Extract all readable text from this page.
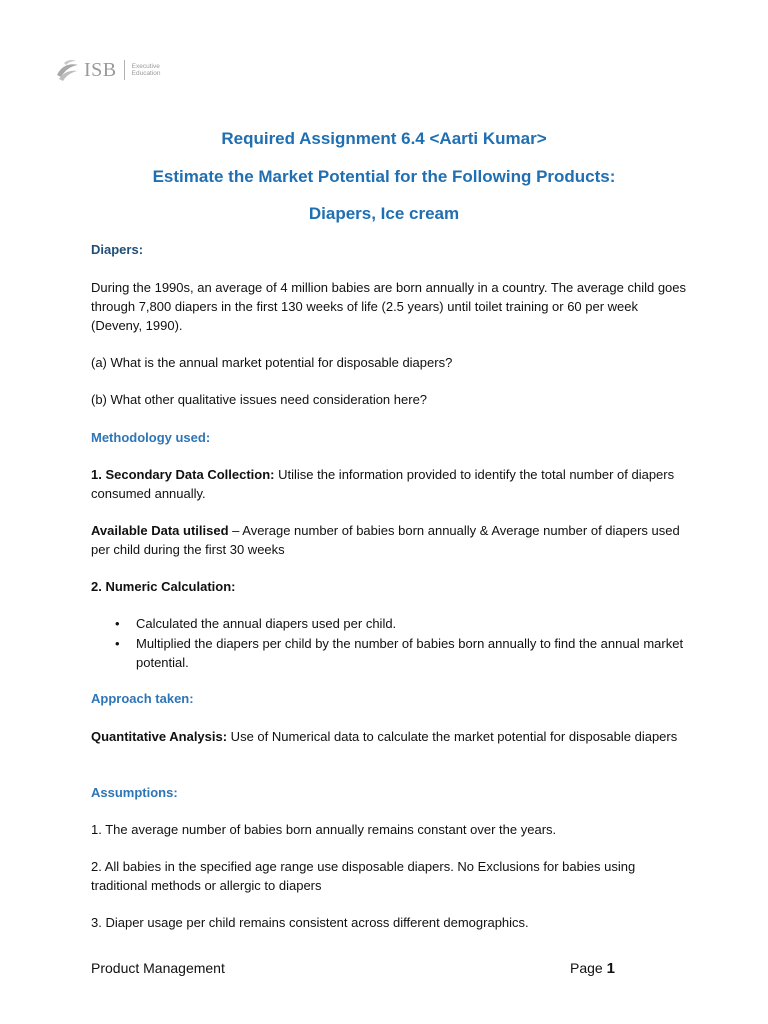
ISB Executive
Education
Required Assignment 6.4 <Aarti Kumar>
Estimate the Market Potential for the Following Products:
Diapers, Ice cream
Diapers:
During the 1990s, an average of 4 million babies are born annually in a country. The average child goes through 7,800 diapers in the first 130 weeks of life (2.5 years) until toilet training or 60 per week (Deveny, 1990).
(a) What is the annual market potential for disposable diapers?
(b) What other qualitative issues need consideration here?
Methodology used:
1. Secondary Data Collection: Utilise the information provided to identify the total number of diapers consumed annually.
Available Data utilised – Average number of babies born annually & Average number of diapers used per child during the first 30 weeks
2. Numeric Calculation:
• Calculated the annual diapers used per child.
• Multiplied the diapers per child by the number of babies born annually to find the annual market potential.
Approach taken:
Quantitative Analysis: Use of Numerical data to calculate the market potential for disposable diapers
Assumptions:
1. The average number of babies born annually remains constant over the years.
2. All babies in the specified age range use disposable diapers. No Exclusions for babies using traditional methods or allergic to diapers
3. Diaper usage per child remains consistent across different demographics.
Product Management	Page 1
